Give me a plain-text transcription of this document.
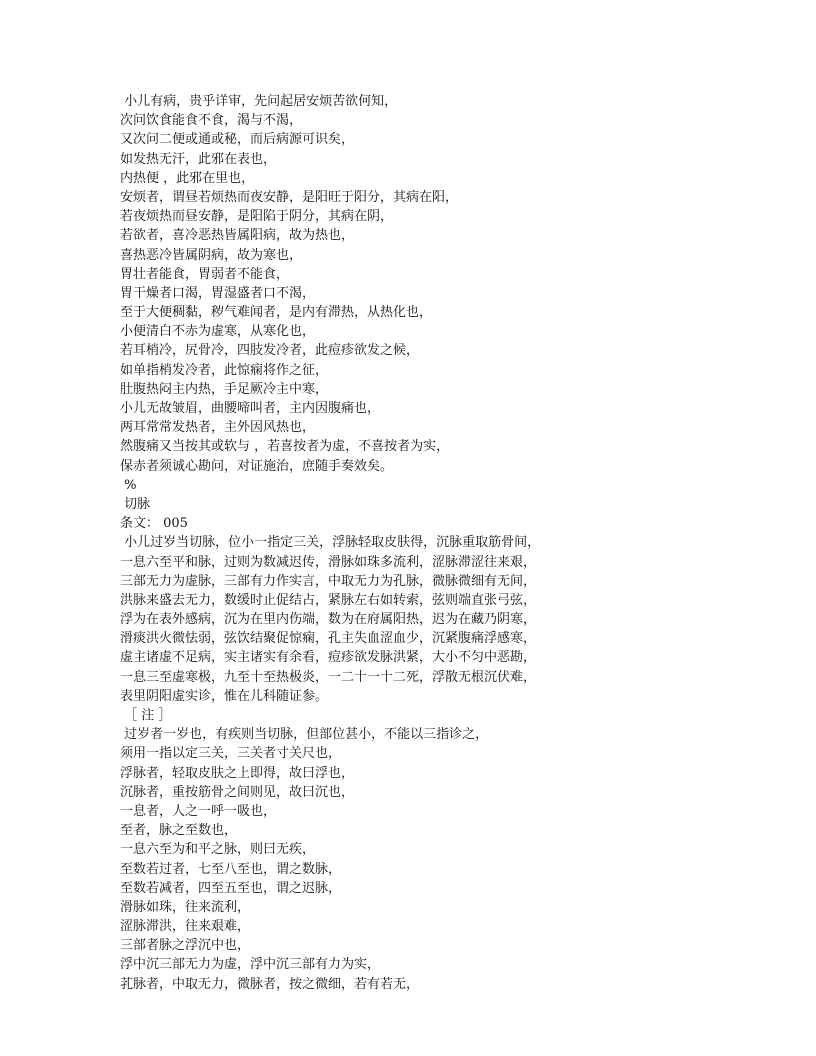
小儿有病，贵乎详审，先问起居安烦苦欲何知，
次问饮食能食不食，渴与不渴，
又次问二便或通或秘，而后病源可识矣，
如发热无汗，此邪在表也，
内热便 ，此邪在里也，
安烦者，谓昼若烦热而夜安静，是阳旺于阳分，其病在阳，
若夜烦热而昼安静，是阳陷于阴分，其病在阴，
若欲者，喜冷恶热皆属阳病，故为热也，
喜热恶冷皆属阴病，故为寒也，
胃壮者能食，胃弱者不能食，
胃干燥者口渴，胃湿盛者口不渴，
至于大便稠黏，秽气难闻者，是内有滞热，从热化也，
小便清白不赤为虚寒，从寒化也，
若耳梢冷，尻骨冷，四肢发冷者，此痘疹欲发之候，
如单指梢发冷者，此惊痫将作之征，
肚腹热闷主内热，手足厥冷主中寒，
小儿无故皱眉，曲腰啼叫者，主内因腹痛也，
两耳常常发热者，主外因风热也，
然腹痛又当按其或软与 ，若喜按者为虚，不喜按者为实，
保赤者须诚心勘问，对证施治，庶随手奏效矣。
%
切脉
条文： 005
小儿过岁当切脉，位小一指定三关，浮脉轻取皮肤得，沉脉重取筋骨间，
一息六至平和脉，过则为数减迟传，滑脉如珠多流利，涩脉滞涩往来艰，
三部无力为虚脉，三部有力作实言，中取无力为孔脉，微脉微细有无间，
洪脉来盛去无力，数缓时止促结占，紧脉左右如转索，弦则端直张弓弦，
浮为在表外感病，沉为在里内伤端，数为在府属阳热，迟为在藏乃阴寒，
滑痰洪火微怯弱，弦饮结聚促惊痫，孔主失血涩血少，沉紧腹痛浮感寒，
虚主诸虚不足病，实主诸实有余看，痘疹欲发脉洪紧，大小不匀中恶勘，
一息三至虚寒极，九至十至热极炎，一二十一十二死，浮散无根沉伏难，
表里阴阳虚实诊，惟在儿科随证参。
［ 注 ］
过岁者一岁也，有疾则当切脉，但部位甚小，不能以三指诊之，
须用一指以定三关，三关者寸关尺也，
浮脉者，轻取皮肤之上即得，故曰浮也，
沉脉者，重按筋骨之间则见，故曰沉也，
一息者，人之一呼一吸也，
至者，脉之至数也，
一息六至为和平之脉，则曰无疾，
至数若过者，七至八至也，谓之数脉，
至数若减者，四至五至也，谓之迟脉，
滑脉如珠，往来流利，
涩脉滞洪，往来艰难，
三部者脉之浮沉中也，
浮中沉三部无力为虚，浮中沉三部有力为实，
芤脉者，中取无力，微脉者，按之微细，若有若无，
